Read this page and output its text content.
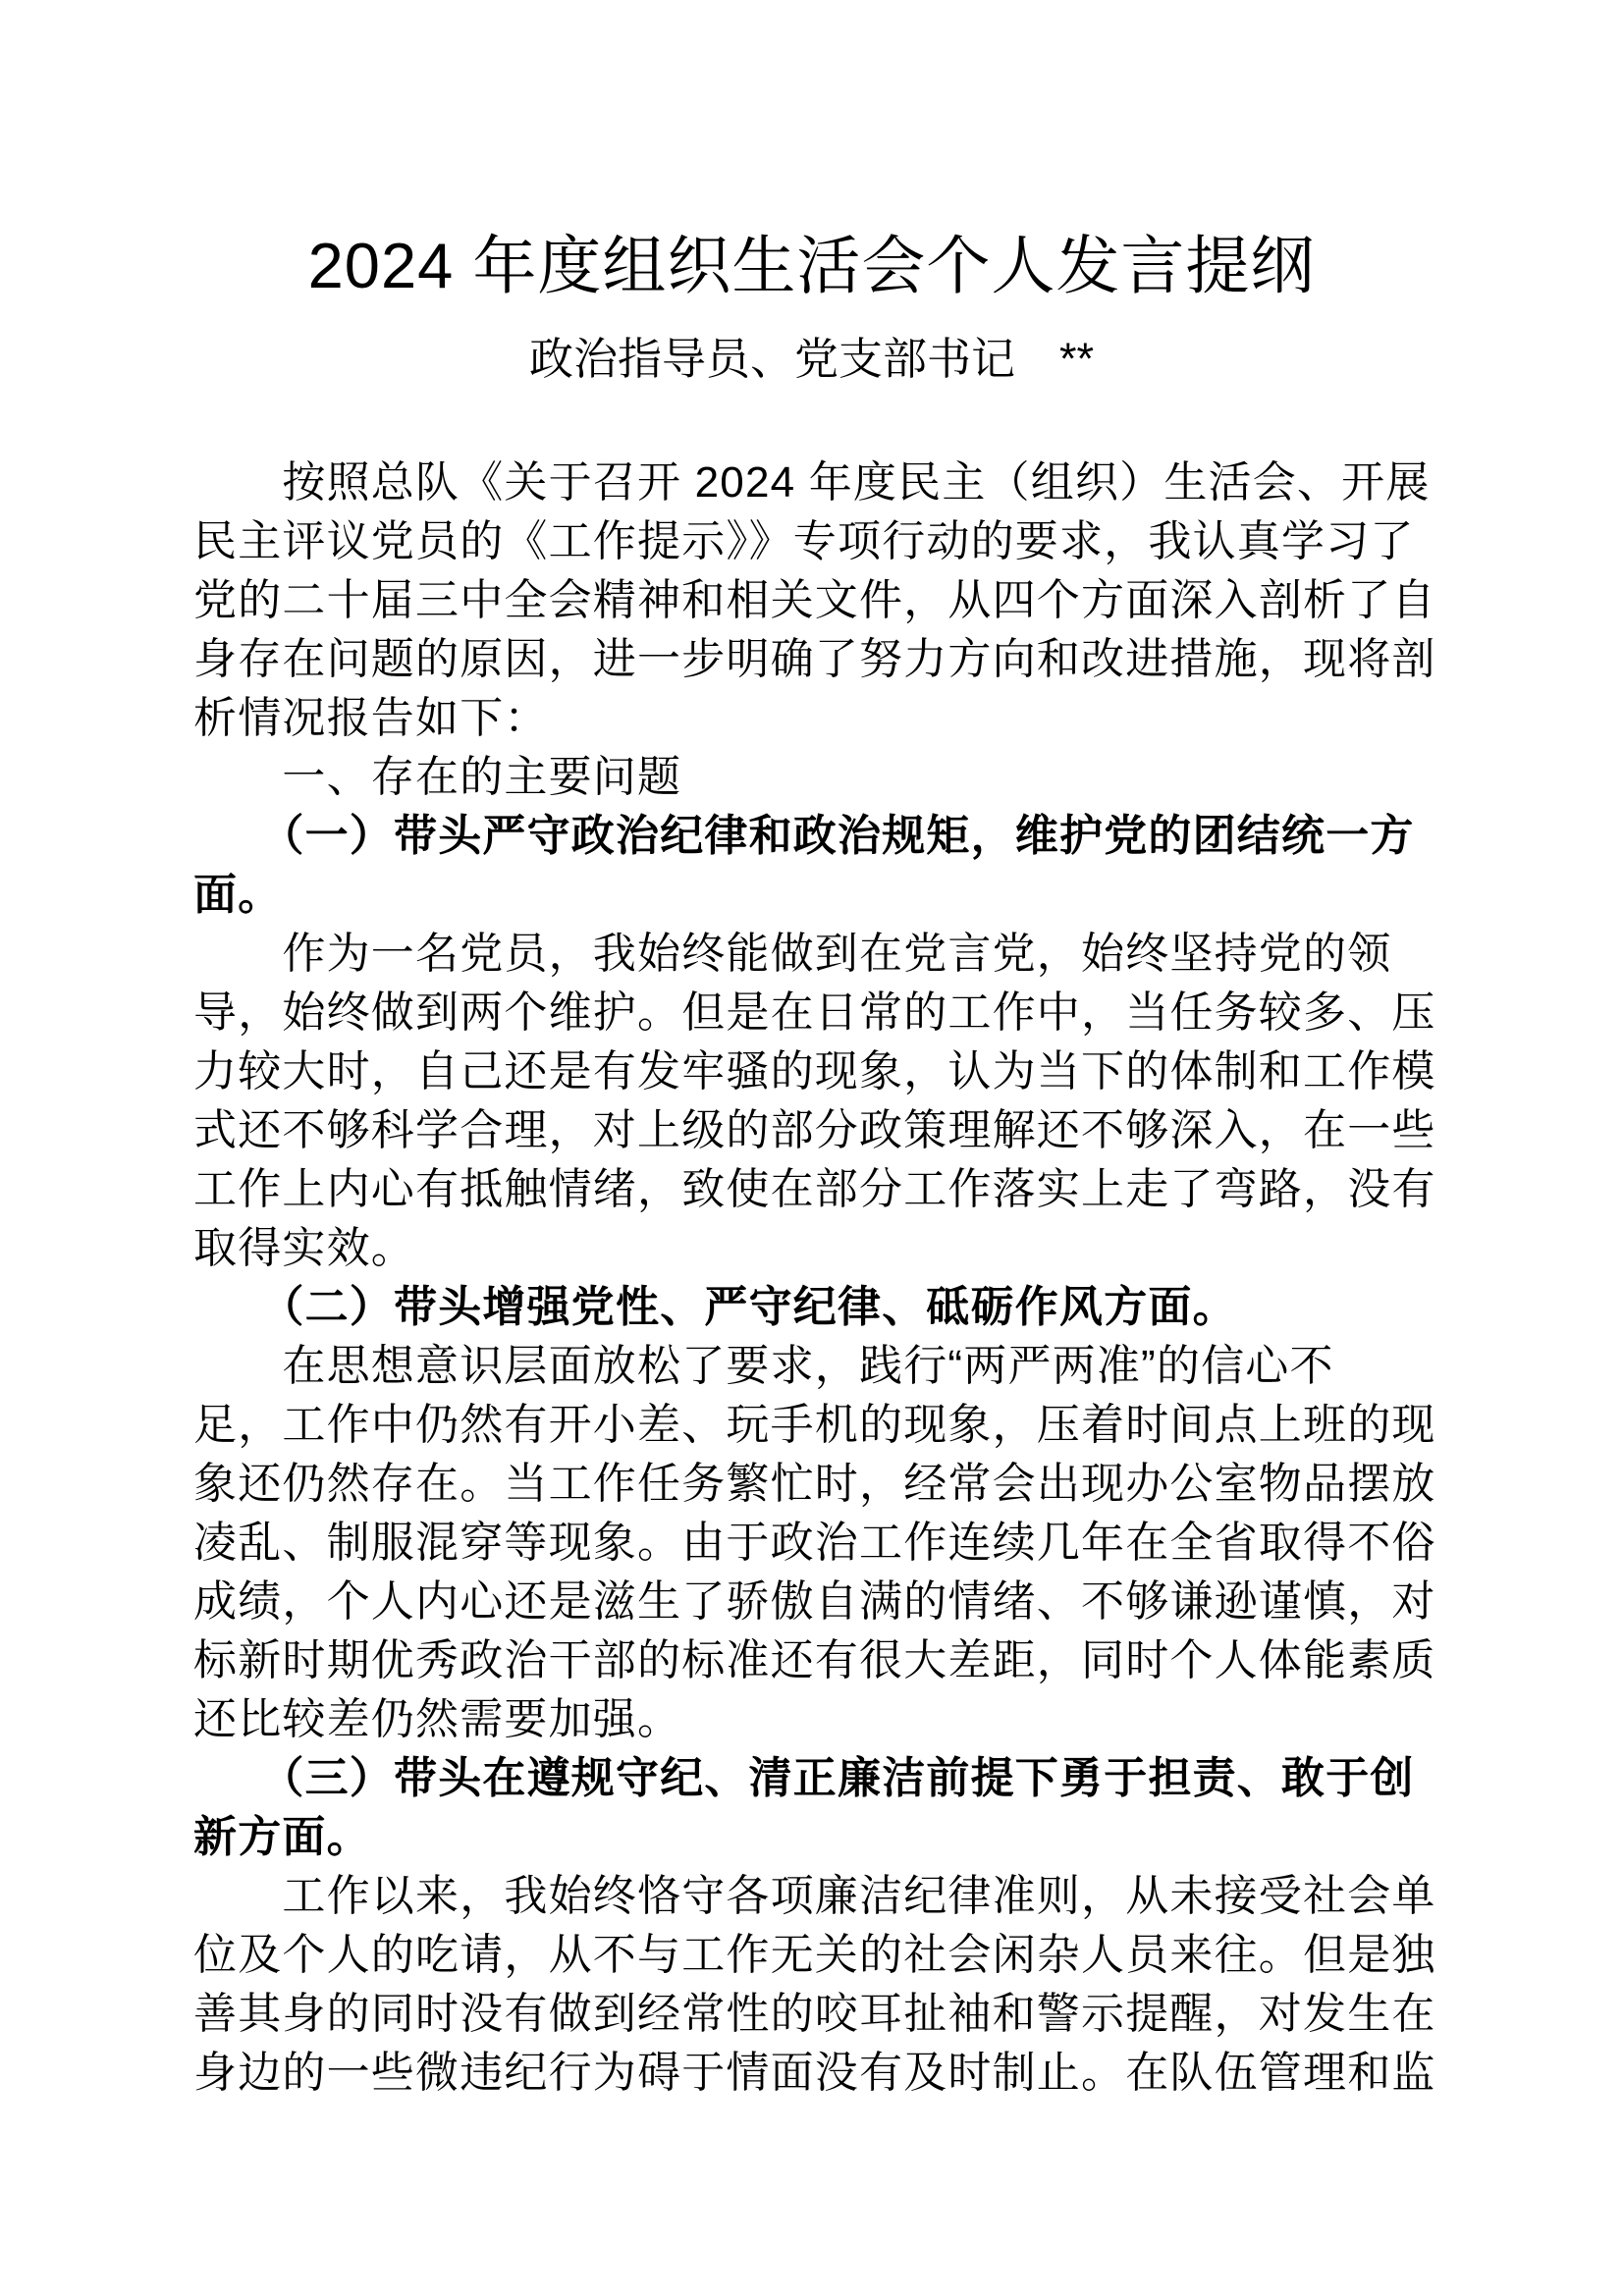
2024 年度组织生活会个人发言提纲
政治指导员、党支部书记　**
　　按照总队《关于召开 2024 年度民主（组织）生活会、开展
民主评议党员的《工作提示》》专项行动的要求，我认真学习了
党的二十届三中全会精神和相关文件，从四个方面深入剖析了自
身存在问题的原因，进一步明确了努力方向和改进措施，现将剖
析情况报告如下：
　　一、存在的主要问题
　　（一）带头严守政治纪律和政治规矩，维护党的团结统一方
面。
　　作为一名党员，我始终能做到在党言党，始终坚持党的领
导，始终做到两个维护。但是在日常的工作中，当任务较多、压
力较大时，自己还是有发牢骚的现象，认为当下的体制和工作模
式还不够科学合理，对上级的部分政策理解还不够深入，在一些
工作上内心有抵触情绪，致使在部分工作落实上走了弯路，没有
取得实效。
　　（二）带头增强党性、严守纪律、砥砺作风方面。
　　在思想意识层面放松了要求，践行“两严两准”的信心不
足，工作中仍然有开小差、玩手机的现象，压着时间点上班的现
象还仍然存在。当工作任务繁忙时，经常会出现办公室物品摆放
凌乱、制服混穿等现象。由于政治工作连续几年在全省取得不俗
成绩，个人内心还是滋生了骄傲自满的情绪、不够谦逊谨慎，对
标新时期优秀政治干部的标准还有很大差距，同时个人体能素质
还比较差仍然需要加强。
　　（三）带头在遵规守纪、清正廉洁前提下勇于担责、敢于创
新方面。
　　工作以来，我始终恪守各项廉洁纪律准则，从未接受社会单
位及个人的吃请，从不与工作无关的社会闲杂人员来往。但是独
善其身的同时没有做到经常性的咬耳扯袖和警示提醒，对发生在
身边的一些微违纪行为碍于情面没有及时制止。在队伍管理和监
